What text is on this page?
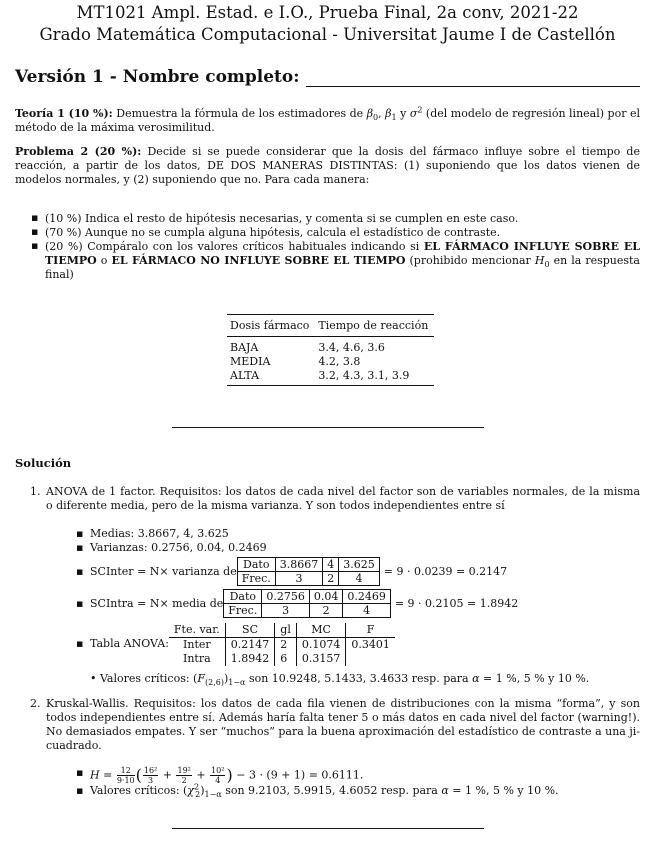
MT1021 Ampl. Estad. e I.O., Prueba Final, 2a conv, 2021-22
Grado Matemática Computacional - Universitat Jaume I de Castellón
Versión 1 - Nombre completo:
Teoría 1 (10 %): Demuestra la fórmula de los estimadores de $\beta_0$, $\beta_1$ y $\sigma^2$ (del modelo de regresión lineal) por el método de la máxima verosimilitud.
Problema 2 (20 %): Decide si se puede considerar que la dosis del fármaco influye sobre el tiempo de reacción, a partir de los datos, DE DOS MANERAS DISTINTAS: (1) suponiendo que los datos vienen de modelos normales, y (2) suponiendo que no. Para cada manera:
▪ (10 %) Indica el resto de hipótesis necesarias, y comenta si se cumplen en este caso.
▪ (70 %) Aunque no se cumpla alguna hipótesis, calcula el estadístico de contraste.
▪ (20 %) Compáralo con los valores críticos habituales indicando si EL FÁRMACO INFLUYE SOBRE EL TIEMPO o EL FÁRMACO NO INFLUYE SOBRE EL TIEMPO (prohibido mencionar $H_0$ en la respuesta final)
Dosis fármaco	Tiempo de reacción
BAJA	3.4, 4.6, 3.6
MEDIA	4.2, 3.8
ALTA	3.2, 4.3, 3.1, 3.9
Solución
1. ANOVA de 1 factor. Requisitos: los datos de cada nivel del factor son de variables normales, de la misma o diferente media, pero de la misma varianza. Y son todos independientes entre sí
▪ Medias: 3.8667, 4, 3.625
▪ Varianzas: 0.2756, 0.04, 0.2469
▪ SCInter = N× varianza de Dato	3.8667	4	3.625
Frec.	3	2	4
= 9 · 0.0239 = 0.2147
▪ SCIntra = N× media de Dato	0.2756	0.04	0.2469
Frec.	3	2	4
= 9 · 0.2105 = 1.8942
▪ Tabla ANOVA:
Fte. var.	SC	gl	MC	F
Inter	0.2147	2	0.1074	0.3401
Intra	1.8942	6	0.3157	
• Valores críticos: $(F_{(2,6)})_{1-\alpha}$ son 10.9248, 5.1433, 3.4633 resp. para α = 1 %, 5 % y 10 %.
2. Kruskal-Wallis. Requisitos: los datos de cada fila vienen de distribuciones con la misma “forma”, y son todos independientes entre sí. Además haría falta tener 5 o más datos en cada nivel del factor (warning!). No demasiados empates. Y ser “muchos” para la buena aproximación del estadístico de contraste a una ji-cuadrado.
▪ $H = \frac{12}{9\cdot 10}$ ( $\frac{\text{16²}}{3} + \frac{\text{19²}}{2} + \frac{\text{10²}}{4}$ ) − 3 · (9 + 1) = 0.6111.
▪ Valores críticos: $(\chi^2_2)_{1-\alpha}$ son 9.2103, 5.9915, 4.6052 resp. para α = 1 %, 5 % y 10 %.
